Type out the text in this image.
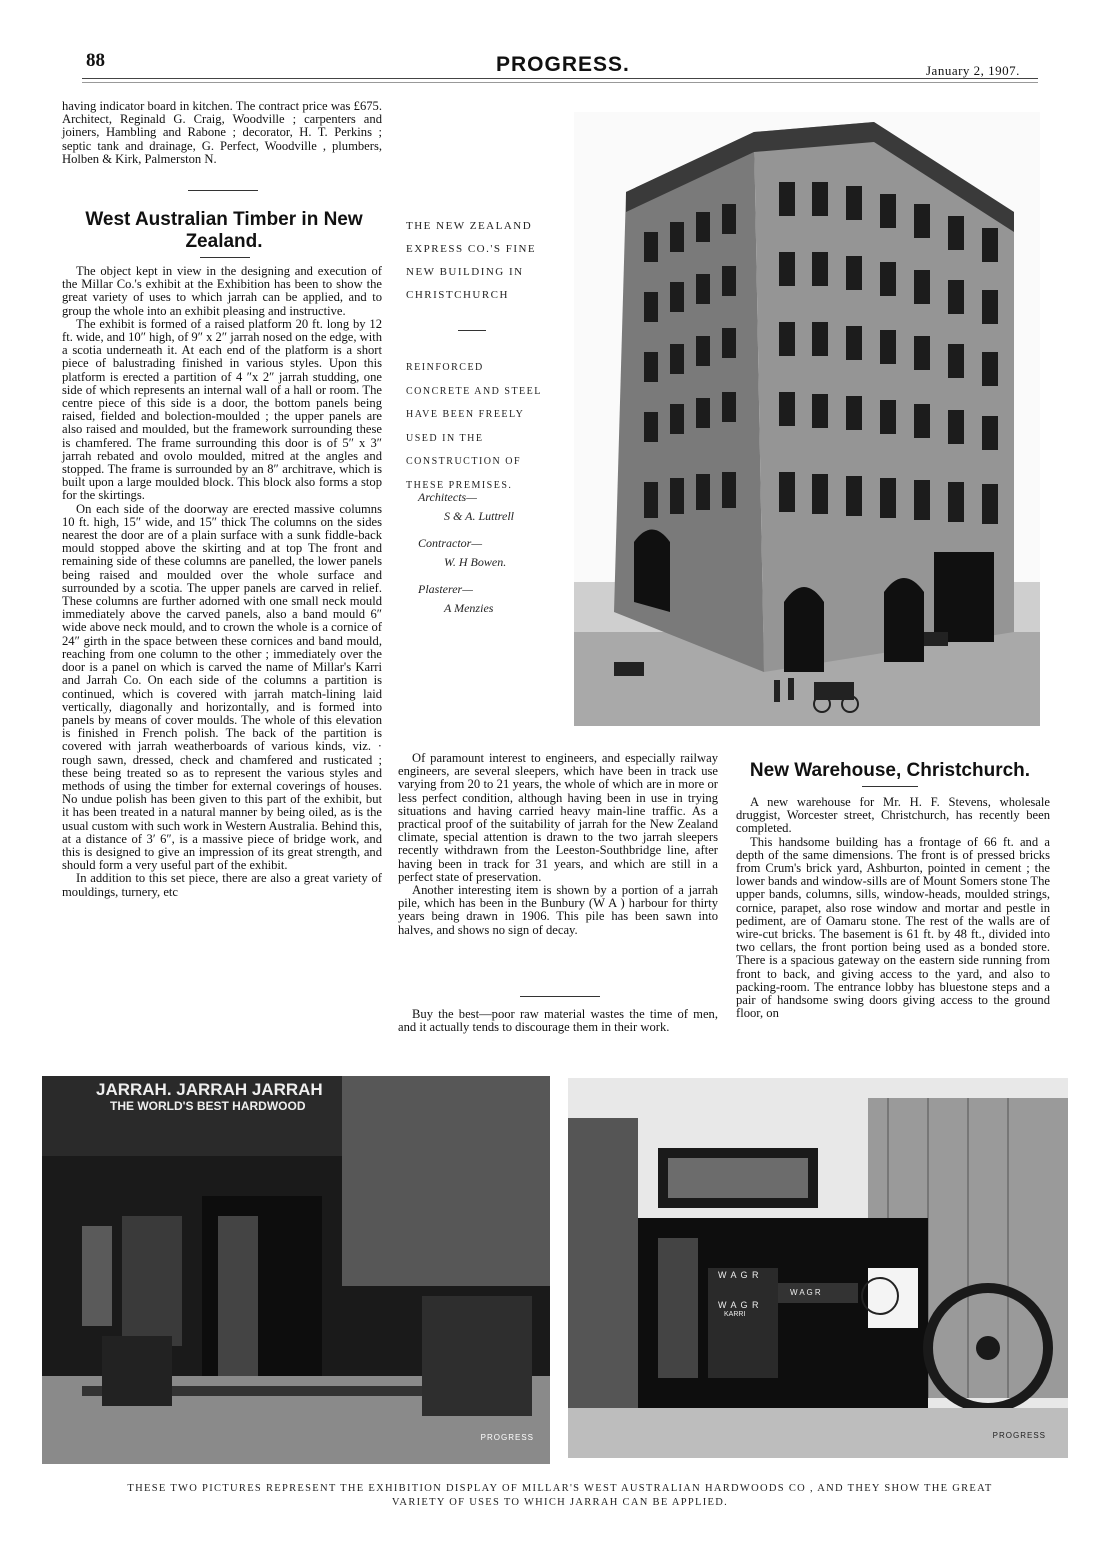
88	PROGRESS.	January 2, 1907.

having indicator board in kitchen. The contract price was £675. Architect, Reginald G. Craig, Woodville ; carpenters and joiners, Hambling and Rabone ; decorator, H. T. Perkins ; septic tank and drainage, G. Perfect, Woodville , plumbers, Holben & Kirk, Palmerston N.

West Australian Timber in New Zealand.

The object kept in view in the designing and execution of the Millar Co.'s exhibit at the Exhibition has been to show the great variety of uses to which jarrah can be applied, and to group the whole into an exhibit pleasing and instructive.

The exhibit is formed of a raised platform 20 ft. long by 12 ft. wide, and 10″ high, of 9″ x 2″ jarrah nosed on the edge, with a scotia underneath it. At each end of the platform is a short piece of balustrading finished in various styles. Upon this platform is erected a partition of 4 ″x 2″ jarrah studding, one side of which represents an internal wall of a hall or room. The centre piece of this side is a door, the bottom panels being raised, fielded and bolection-moulded ; the upper panels are also raised and moulded, but the framework surrounding these is chamfered. The frame surrounding this door is of 5″ x 3″ jarrah rebated and ovolo moulded, mitred at the angles and stopped. The frame is surrounded by an 8″ architrave, which is built upon a large moulded block. This block also forms a stop for the skirtings.

On each side of the doorway are erected massive columns 10 ft. high, 15″ wide, and 15″ thick The columns on the sides nearest the door are of a plain surface with a sunk fiddle-back mould stopped above the skirting and at top The front and remaining side of these columns are panelled, the lower panels being raised and moulded over the whole surface and surrounded by a scotia. The upper panels are carved in relief. These columns are further adorned with one small neck mould immediately above the carved panels, also a band mould 6″ wide above neck mould, and to crown the whole is a cornice of 24″ girth in the space between these cornices and band mould, reaching from one column to the other ; immediately over the door is a panel on which is carved the name of Millar's Karri and Jarrah Co. On each side of the columns a partition is continued, which is covered with jarrah match-lining laid vertically, diagonally and horizontally, and is formed into panels by means of cover moulds. The whole of this elevation is finished in French polish. The back of the partition is covered with jarrah weatherboards of various kinds, viz. · rough sawn, dressed, check and chamfered and rusticated ; these being treated so as to represent the various styles and methods of using the timber for external coverings of houses. No undue polish has been given to this part of the exhibit, but it has been treated in a natural manner by being oiled, as is the usual custom with such work in Western Australia. Behind this, at a distance of 3′ 6″, is a massive piece of bridge work, and this is designed to give an impression of its great strength, and should form a very useful part of the exhibit.

In addition to this set piece, there are also a great variety of mouldings, turnery, etc

THE NEW ZEALAND EXPRESS CO.'S FINE NEW BUILDING IN CHRISTCHURCH
REINFORCED CONCRETE AND STEEL HAVE BEEN FREELY USED IN THE CONSTRUCTION OF THESE PREMISES.
Architects—
S & A. Luttrell
Contractor—
W. H Bowen.
Plasterer—
A Menzies

Of paramount interest to engineers, and especially railway engineers, are several sleepers, which have been in track use varying from 20 to 21 years, the whole of which are in more or less perfect condition, although having been in use in trying situations and having carried heavy main-line traffic. As a practical proof of the suitability of jarrah for the New Zealand climate, special attention is drawn to the two jarrah sleepers recently withdrawn from the Leeston-Southbridge line, after having been in track for 31 years, and which are still in a perfect state of preservation.

Another interesting item is shown by a portion of a jarrah pile, which has been in the Bunbury (W A ) harbour for thirty years being drawn in 1906. This pile has been sawn into halves, and shows no sign of decay.

Buy the best—poor raw material wastes the time of men, and it actually tends to discourage them in their work.

New Warehouse, Christchurch.

A new warehouse for Mr. H. F. Stevens, wholesale druggist, Worcester street, Christchurch, has recently been completed.

This handsome building has a frontage of 66 ft. and a depth of the same dimensions. The front is of pressed bricks from Crum's brick yard, Ashburton, pointed in cement ; the lower bands and window-sills are of Mount Somers stone The upper bands, columns, sills, window-heads, moulded strings, cornice, parapet, also rose window and mortar and pestle in pediment, are of Oamaru stone. The rest of the walls are of wire-cut bricks. The basement is 61 ft. by 48 ft., divided into two cellars, the front portion being used as a bonded store. There is a spacious gateway on the eastern side running from front to back, and giving access to the yard, and also to packing-room. The entrance lobby has bluestone steps and a pair of handsome swing doors giving access to the ground floor, on

JARRAH. JARRAH JARRAH
THE WORLD'S BEST HARDWOOD
PROGRESS
W A G R
W A G R
KARRI
W A G R
PROGRESS
THESE TWO PICTURES REPRESENT THE EXHIBITION DISPLAY OF MILLAR'S WEST AUSTRALIAN HARDWOODS CO , AND THEY SHOW THE GREAT VARIETY OF USES TO WHICH JARRAH CAN BE APPLIED.
